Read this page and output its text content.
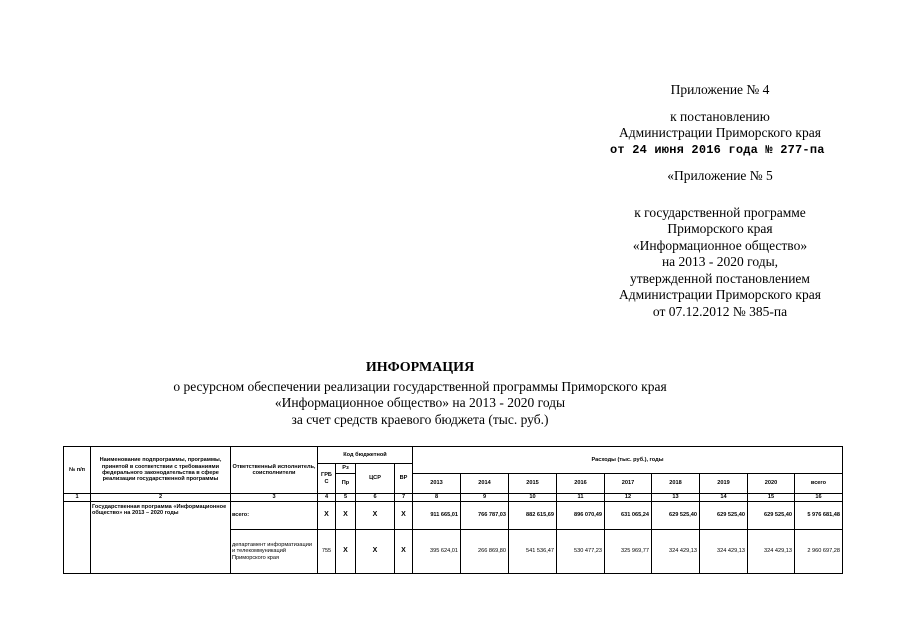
Приложение № 4
к постановлению
Администрации Приморского края
от 24 июня 2016 года № 277-па
«Приложение № 5
к государственной программе
Приморского края
«Информационное общество»
на 2013 - 2020 годы,
утвержденной постановлением
Администрации Приморского края
от 07.12.2012 № 385-па
ИНФОРМАЦИЯ
о ресурсном обеспечении реализации государственной программы Приморского края
«Информационное общество» на 2013 - 2020 годы
за счет средств краевого бюджета (тыс. руб.)
№ п/п	Наименование подпрограммы, программы, принятой в соответствии с требованиями федерального законодательства в сфере реализации государственной программы	Ответственный исполнитель, соисполнители	Код бюджетной				Расходы (тыс. руб.), годы								
			ГРБ С	Рз	ЦСР	ВР									
				Пр			2013	2014	2015	2016	2017	2018	2019	2020	всего
1	2	3	4	5	6	7	8	9	10	11	12	13	14	15	16
	Государственная программа «Информационное общество» на 2013 – 2020 годы	всего:	X	X	X	X	911 665,01	766 787,03	882 615,69	896 070,49	631 065,24	629 525,40	629 525,40	629 525,40	5 976 681,48
		департамент информатизации и телекоммуникаций Приморского края	755	X	X	X	395 624,01	266 869,80	541 536,47	530 477,23	325 969,77	324 429,13	324 429,13	324 429,13	2 960 697,28
